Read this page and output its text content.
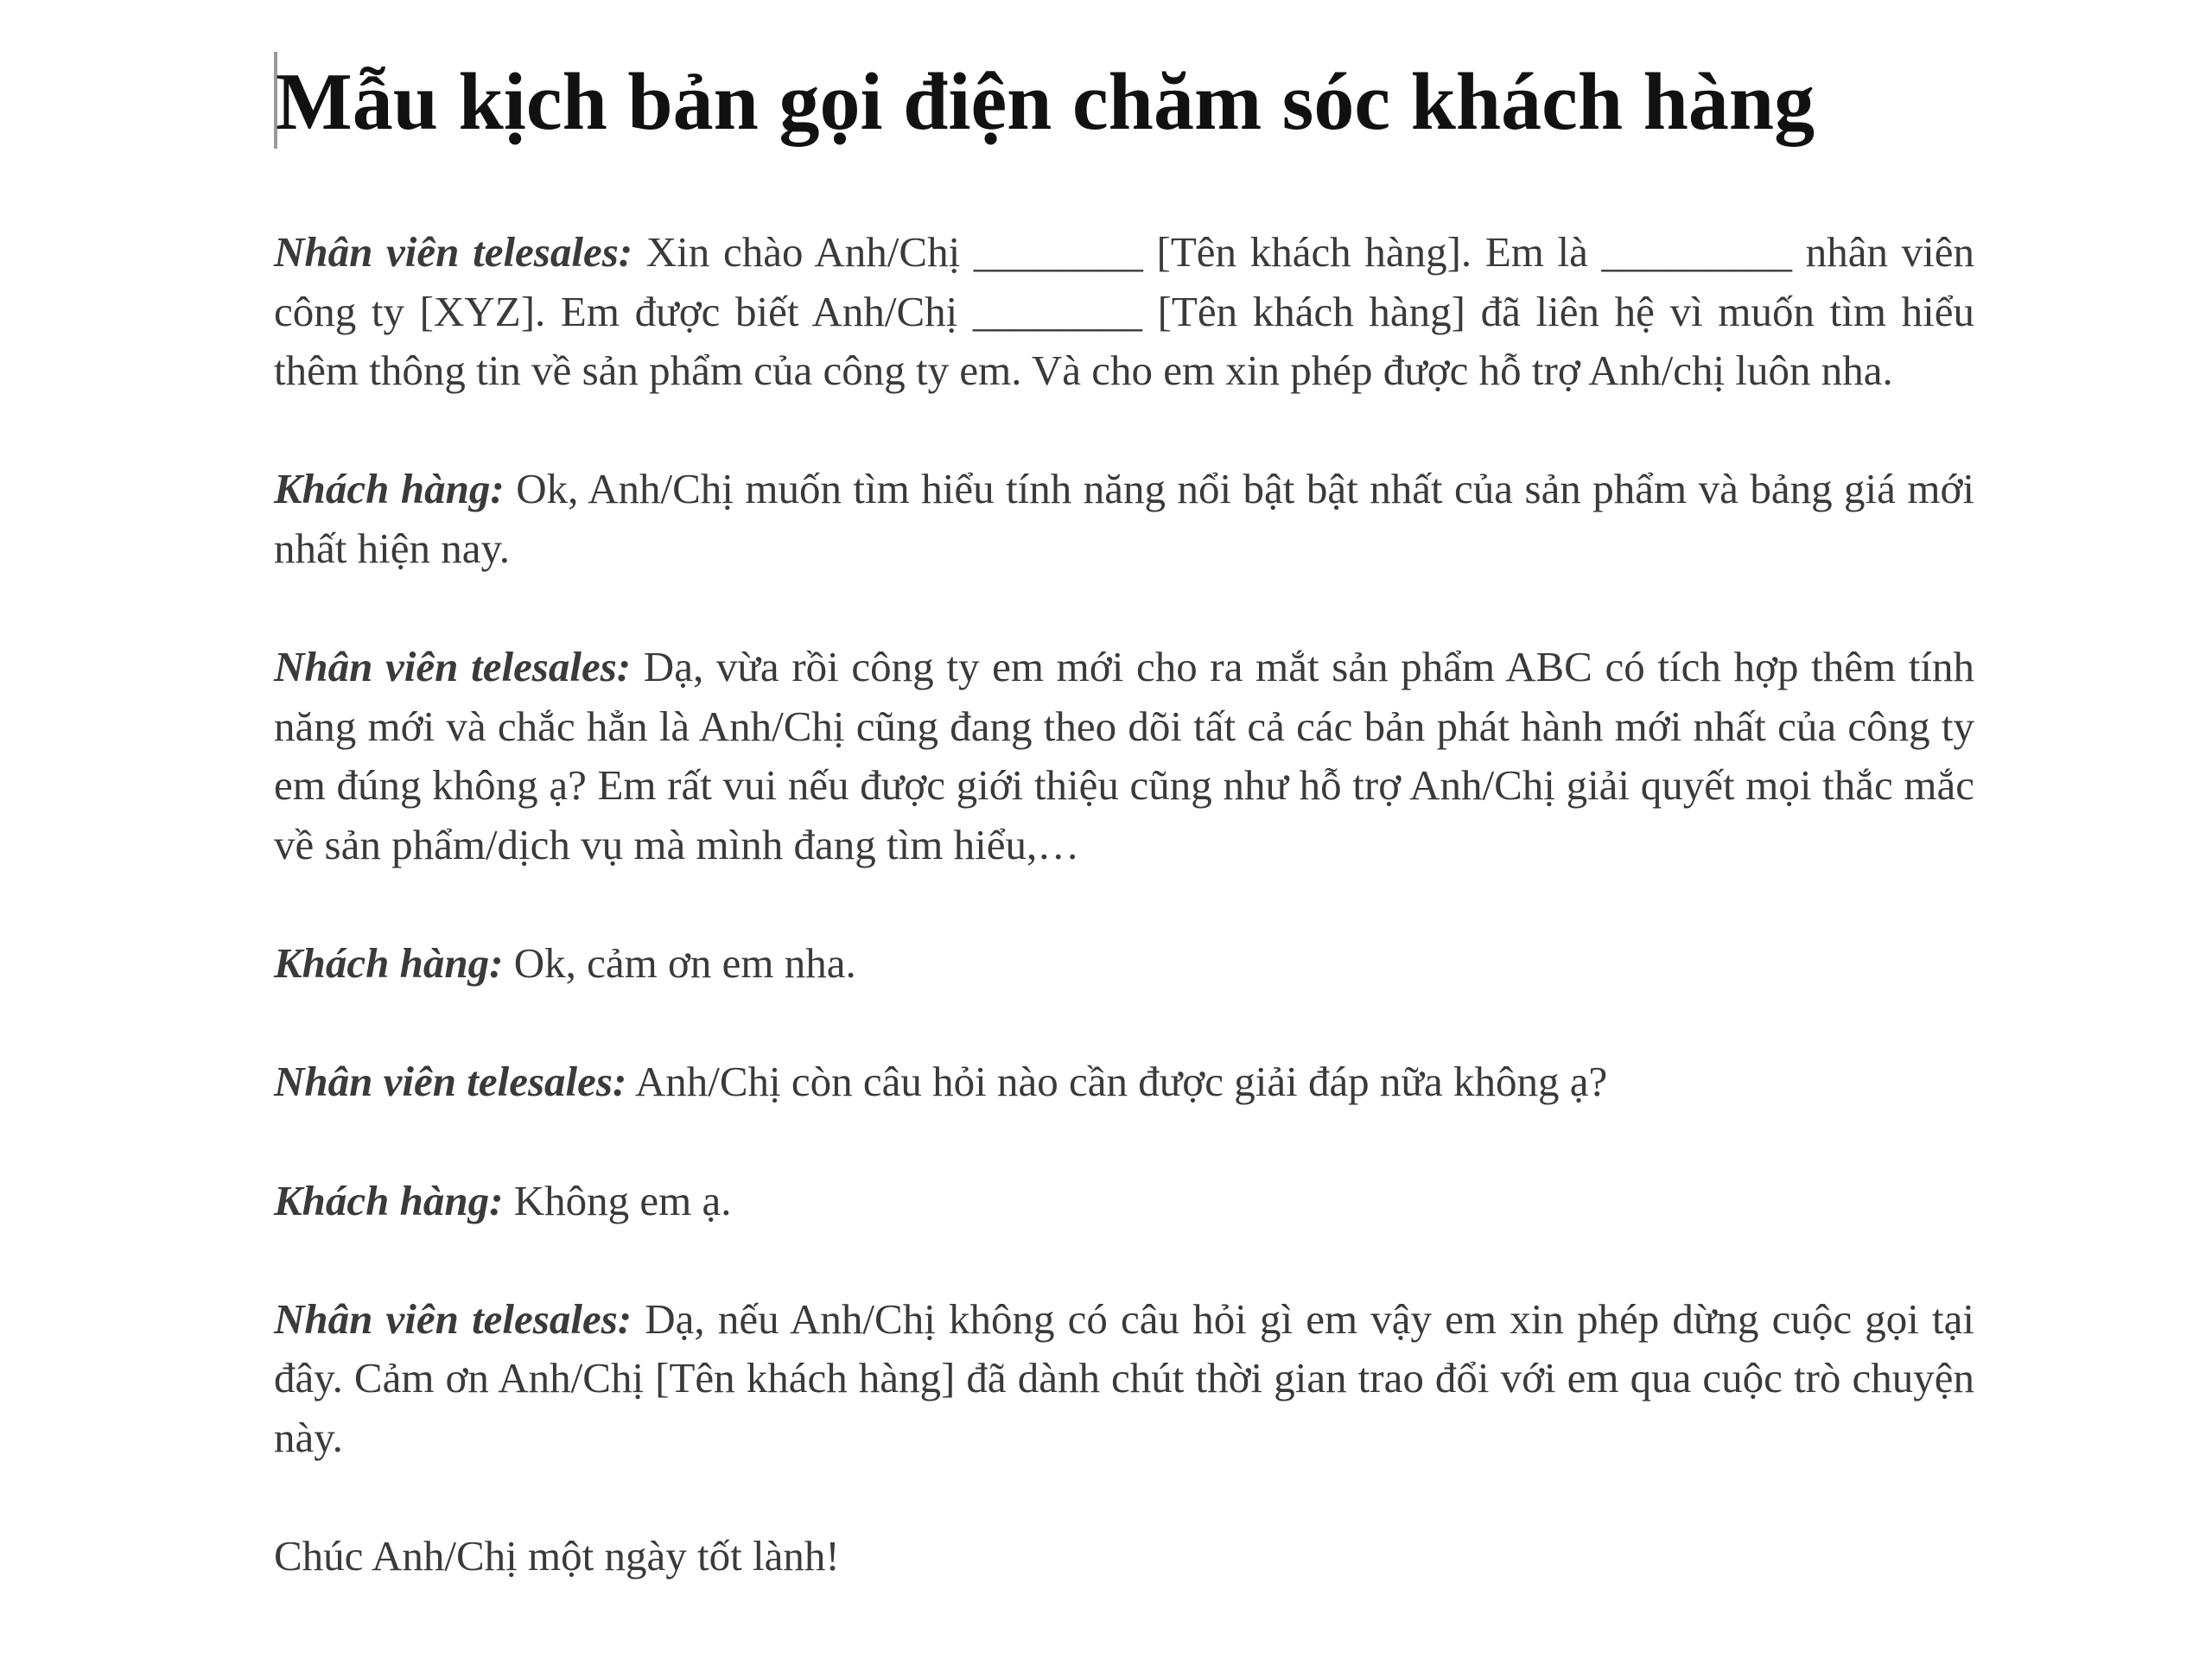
Mẫu kịch bản gọi điện chăm sóc khách hàng

Nhân viên telesales: Xin chào Anh/Chị ________ [Tên khách hàng]. Em là _________ nhân viên công ty [XYZ]. Em được biết Anh/Chị ________ [Tên khách hàng] đã liên hệ vì muốn tìm hiểu thêm thông tin về sản phẩm của công ty em. Và cho em xin phép được hỗ trợ Anh/chị luôn nha.

Khách hàng: Ok, Anh/Chị muốn tìm hiểu tính năng nổi bật bật nhất của sản phẩm và bảng giá mới nhất hiện nay.

Nhân viên telesales: Dạ, vừa rồi công ty em mới cho ra mắt sản phẩm ABC có tích hợp thêm tính năng mới và chắc hẳn là Anh/Chị cũng đang theo dõi tất cả các bản phát hành mới nhất của công ty em đúng không ạ? Em rất vui nếu được giới thiệu cũng như hỗ trợ Anh/Chị giải quyết mọi thắc mắc về sản phẩm/dịch vụ mà mình đang tìm hiểu,…

Khách hàng: Ok, cảm ơn em nha.

Nhân viên telesales: Anh/Chị còn câu hỏi nào cần được giải đáp nữa không ạ?

Khách hàng: Không em ạ.

Nhân viên telesales: Dạ, nếu Anh/Chị không có câu hỏi gì em vậy em xin phép dừng cuộc gọi tại đây. Cảm ơn Anh/Chị [Tên khách hàng] đã dành chút thời gian trao đổi với em qua cuộc trò chuyện này.

Chúc Anh/Chị một ngày tốt lành!
